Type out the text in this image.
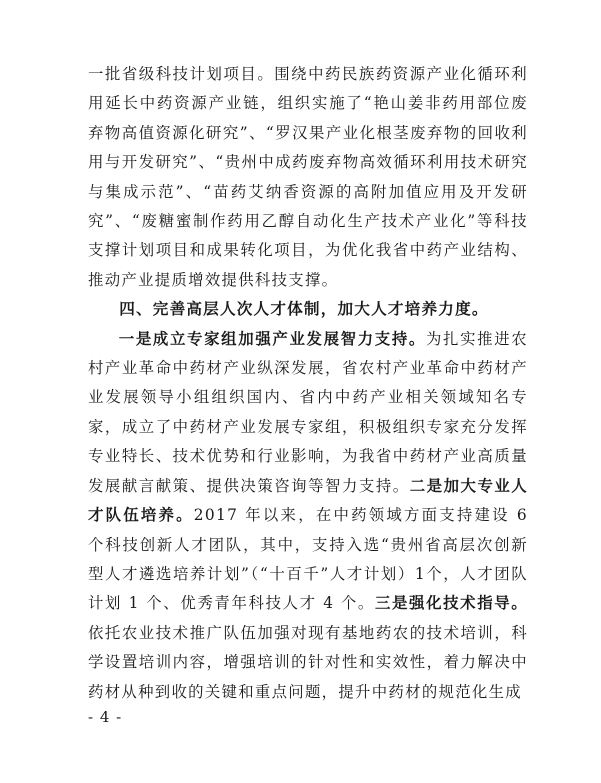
一批省级科技计划项目。围绕中药民族药资源产业化循环利用延长中药资源产业链，组织实施了“艳山姜非药用部位废弃物高值资源化研究”、“罗汉果产业化根茎废弃物的回收利用与开发研究”、“贵州中成药废弃物高效循环利用技术研究与集成示范”、“苗药艾纳香资源的高附加值应用及开发研究”、“废糖蜜制作药用乙醇自动化生产技术产业化”等科技支撑计划项目和成果转化项目，为优化我省中药产业结构、推动产业提质增效提供科技支撑。

四、完善高层人次人才体制，加大人才培养力度。

一是成立专家组加强产业发展智力支持。为扎实推进农村产业革命中药材产业纵深发展，省农村产业革命中药材产业发展领导小组组织国内、省内中药产业相关领域知名专家，成立了中药材产业发展专家组，积极组织专家充分发挥专业特长、技术优势和行业影响，为我省中药材产业高质量发展献言献策、提供决策咨询等智力支持。二是加大专业人才队伍培养。2017 年以来，在中药领域方面支持建设 6 个科技创新人才团队，其中，支持入选“贵州省高层次创新型人才遴选培养计划”（“十百千”人才计划）1个，人才团队计划 1 个、优秀青年科技人才 4 个。三是强化技术指导。依托农业技术推广队伍加强对现有基地药农的技术培训，科学设置培训内容，增强培训的针对性和实效性，着力解决中药材从种到收的关键和重点问题，提升中药材的规范化生成

- 4 -
